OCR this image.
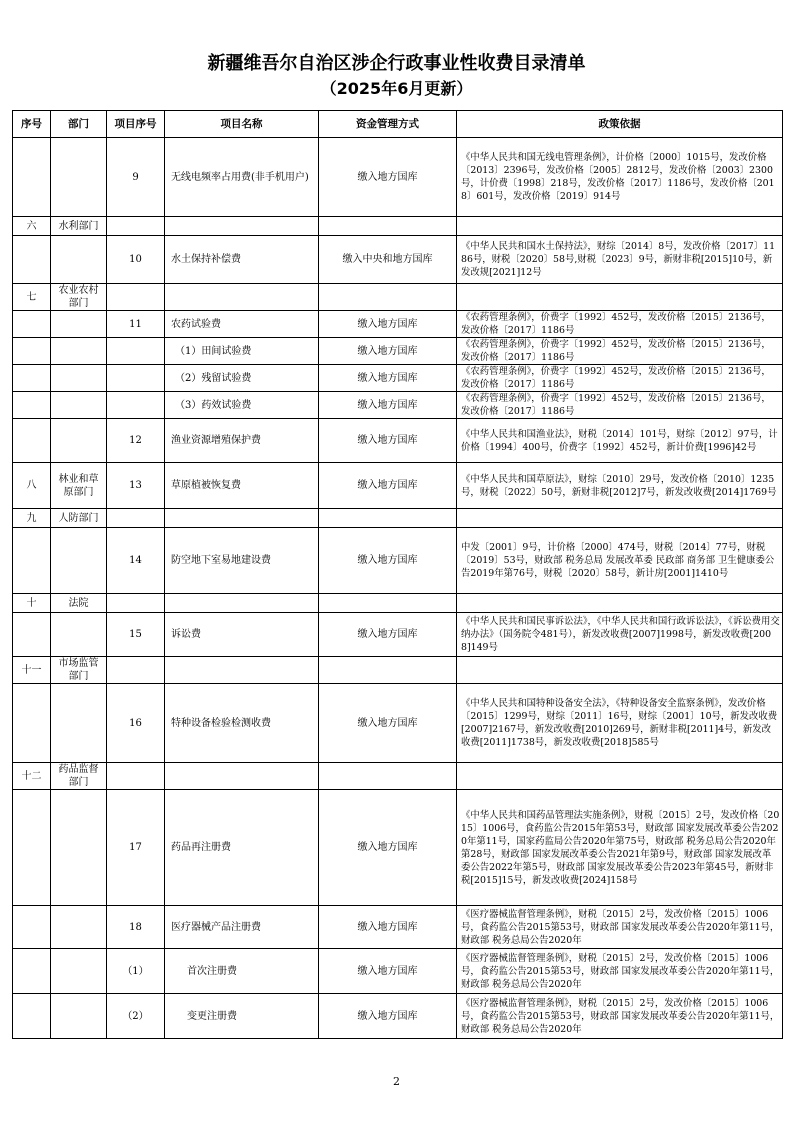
新疆维吾尔自治区涉企行政事业性收费目录清单
（2025年6月更新）
序号	部门	项目序号	项目名称	资金管理方式	政策依据
		9	无线电频率占用费(非手机用户)	缴入地方国库	《中华人民共和国无线电管理条例》，计价格〔2000〕1015号，发改价格〔2013〕2396号，发改价格〔2005〕2812号，发改价格〔2003〕2300号，计价费〔1998〕218号，发改价格〔2017〕1186号，发改价格〔2018〕601号，发改价格〔2019〕914号
六	水利部门				
		10	水土保持补偿费	缴入中央和地方国库	《中华人民共和国水土保持法》，财综〔2014〕8号，发改价格〔2017〕1186号，财税〔2020〕58号,财税〔2023〕9号，新财非税[2015]10号，新发改规[2021]12号
七	农业农村部门				
		11	农药试验费	缴入地方国库	《农药管理条例》，价费字〔1992〕452号，发改价格〔2015〕2136号，发改价格〔2017〕1186号
			（1）田间试验费	缴入地方国库	《农药管理条例》，价费字〔1992〕452号，发改价格〔2015〕2136号，发改价格〔2017〕1186号
			（2）残留试验费	缴入地方国库	《农药管理条例》，价费字〔1992〕452号，发改价格〔2015〕2136号，发改价格〔2017〕1186号
			（3）药效试验费	缴入地方国库	《农药管理条例》，价费字〔1992〕452号，发改价格〔2015〕2136号，发改价格〔2017〕1186号
		12	渔业资源增殖保护费	缴入地方国库	《中华人民共和国渔业法》，财税〔2014〕101号，财综〔2012〕97号，计价格〔1994〕400号，价费字〔1992〕452号，新计价费[1996]42号
八	林业和草原部门	13	草原植被恢复费	缴入地方国库	《中华人民共和国草原法》，财综〔2010〕29号，发改价格〔2010〕1235号，财税〔2022〕50号，新财非税[2012]7号，新发改收费[2014]1769号
九	人防部门				
		14	防空地下室易地建设费	缴入地方国库	中发〔2001〕9号，计价格〔2000〕474号，财税〔2014〕77号，财税〔2019〕53号，财政部 税务总局 发展改革委 民政部 商务部 卫生健康委公告2019年第76号，财税〔2020〕58号，新计房[2001]1410号
十	法院				
		15	诉讼费	缴入地方国库	《中华人民共和国民事诉讼法》，《中华人民共和国行政诉讼法》，《诉讼费用交纳办法》（国务院令481号），新发改收费[2007]1998号，新发改收费[2008]149号
十一	市场监管部门				
		16	特种设备检验检测收费	缴入地方国库	《中华人民共和国特种设备安全法》，《特种设备安全监察条例》，发改价格〔2015〕1299号，财综〔2011〕16号，财综〔2001〕10号，新发改收费[2007]2167号，新发改收费[2010]269号，新财非税[2011]4号，新发改收费[2011]1738号，新发改收费[2018]585号
十二	药品监督部门				
		17	药品再注册费	缴入地方国库	《中华人民共和国药品管理法实施条例》，财税〔2015〕2号，发改价格〔2015〕1006号，食药监公告2015年第53号，财政部 国家发展改革委公告2020年第11号，国家药监局公告2020年第75号，财政部 税务总局公告2020年第28号，财政部 国家发展改革委公告2021年第9号，财政部 国家发展改革委公告2022年第5号，财政部 国家发展改革委公告2023年第45号，新财非税[2015]15号，新发改收费[2024]158号
		18	医疗器械产品注册费	缴入地方国库	《医疗器械监督管理条例》，财税〔2015〕2号，发改价格〔2015〕1006号，食药监公告2015第53号，财政部 国家发展改革委公告2020年第11号，财政部 税务总局公告2020年
		（1）	首次注册费	缴入地方国库	《医疗器械监督管理条例》，财税〔2015〕2号，发改价格〔2015〕1006号，食药监公告2015第53号，财政部 国家发展改革委公告2020年第11号，财政部 税务总局公告2020年
		（2）	变更注册费	缴入地方国库	《医疗器械监督管理条例》，财税〔2015〕2号，发改价格〔2015〕1006号，食药监公告2015第53号，财政部 国家发展改革委公告2020年第11号，财政部 税务总局公告2020年
2
